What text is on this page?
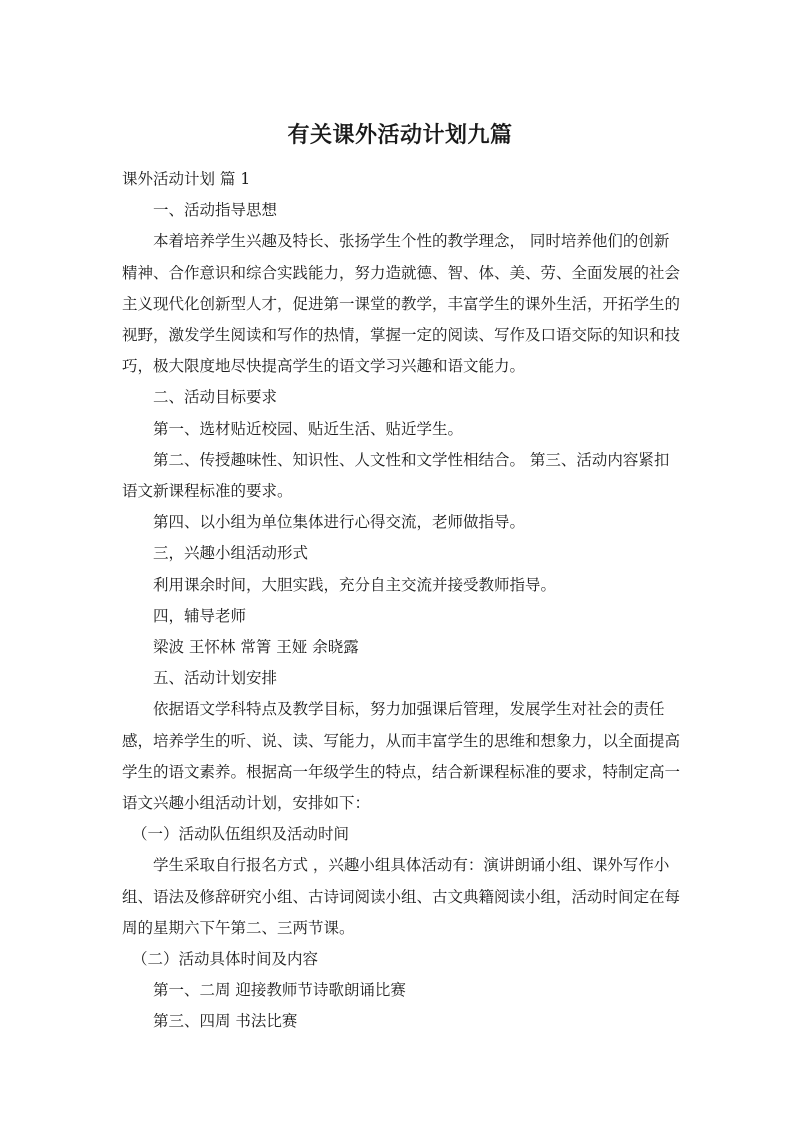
有关课外活动计划九篇

课外活动计划 篇 1

一、活动指导思想

本着培养学生兴趣及特长、张扬学生个性的教学理念， 同时培养他们的创新精神、合作意识和综合实践能力，努力造就德、智、体、美、劳、全面发展的社会主义现代化创新型人才，促进第一课堂的教学，丰富学生的课外生活，开拓学生的视野，激发学生阅读和写作的热情，掌握一定的阅读、写作及口语交际的知识和技巧，极大限度地尽快提高学生的语文学习兴趣和语文能力。

二、活动目标要求

第一、选材贴近校园、贴近生活、贴近学生。

第二、传授趣味性、知识性、人文性和文学性相结合。 第三、活动内容紧扣语文新课程标准的要求。

第四、以小组为单位集体进行心得交流，老师做指导。

三，兴趣小组活动形式

利用课余时间，大胆实践，充分自主交流并接受教师指导。

四，辅导老师

梁波 王怀林 常箐 王娅 余晓露

五、活动计划安排

依据语文学科特点及教学目标，努力加强课后管理，发展学生对社会的责任感，培养学生的听、说、读、写能力，从而丰富学生的思维和想象力，以全面提高学生的语文素养。根据高一年级学生的特点，结合新课程标准的要求，特制定高一语文兴趣小组活动计划，安排如下：

（一）活动队伍组织及活动时间

学生采取自行报名方式 ，兴趣小组具体活动有：演讲朗诵小组、课外写作小组、语法及修辞研究小组、古诗词阅读小组、古文典籍阅读小组，活动时间定在每周的星期六下午第二、三两节课。

（二）活动具体时间及内容

第一、二周 迎接教师节诗歌朗诵比赛

第三、四周 书法比赛
